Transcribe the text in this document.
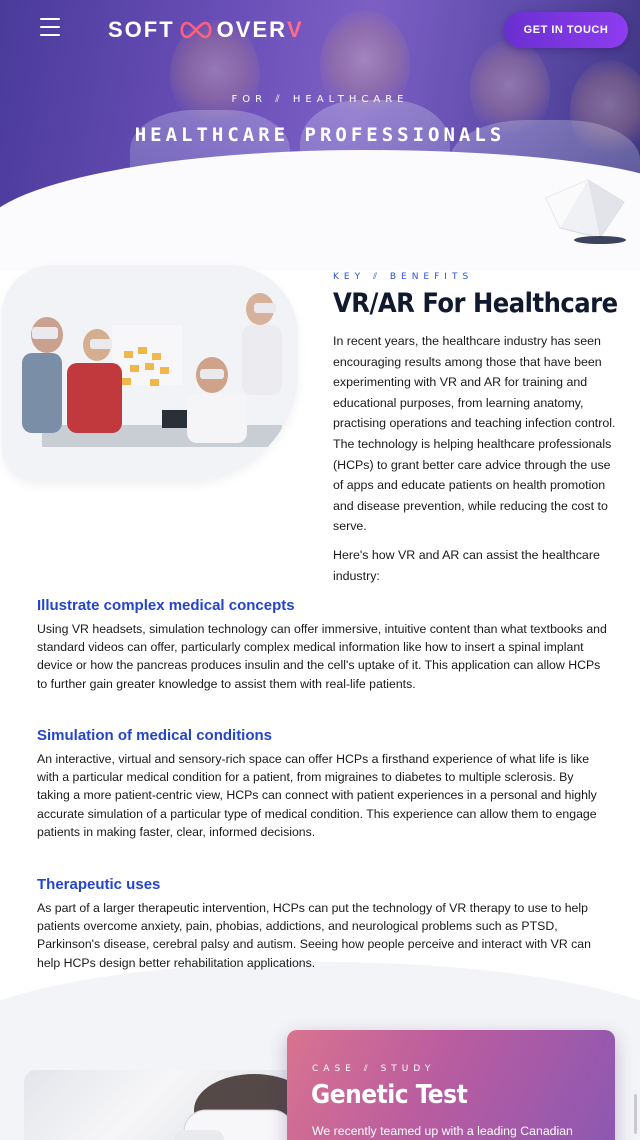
SOFT OVER V	GET IN TOUCH
FOR ⫽ HEALTHCARE
HEALTHCARE PROFESSIONALS
KEY ⫽ BENEFITS
VR/AR For Healthcare

In recent years, the healthcare industry has seen encouraging results among those that have been experimenting with VR and AR for training and educational purposes, from learning anatomy, practising operations and teaching infection control. The technology is helping healthcare professionals (HCPs) to grant better care advice through the use of apps and educate patients on health promotion and disease prevention, while reducing the cost to serve.

Here's how VR and AR can assist the healthcare industry:

Illustrate complex medical concepts

Using VR headsets, simulation technology can offer immersive, intuitive content than what textbooks and standard videos can offer, particularly complex medical information like how to insert a spinal implant device or how the pancreas produces insulin and the cell's uptake of it. This application can allow HCPs to further gain greater knowledge to assist them with real-life patients.

Simulation of medical conditions

An interactive, virtual and sensory-rich space can offer HCPs a firsthand experience of what life is like with a particular medical condition for a patient, from migraines to diabetes to multiple sclerosis. By taking a more patient-centric view, HCPs can connect with patient experiences in a personal and highly accurate simulation of a particular type of medical condition. This experience can allow them to engage patients in making faster, clear, informed decisions.

Therapeutic uses

As part of a larger therapeutic intervention, HCPs can put the technology of VR therapy to use to help patients overcome anxiety, pain, phobias, addictions, and neurological problems such as PTSD, Parkinson's disease, cerebral palsy and autism. Seeing how people perceive and interact with VR can help HCPs design better rehabilitation applications.

CASE ⫽ STUDY
Genetic Test
We recently teamed up with a leading Canadian
